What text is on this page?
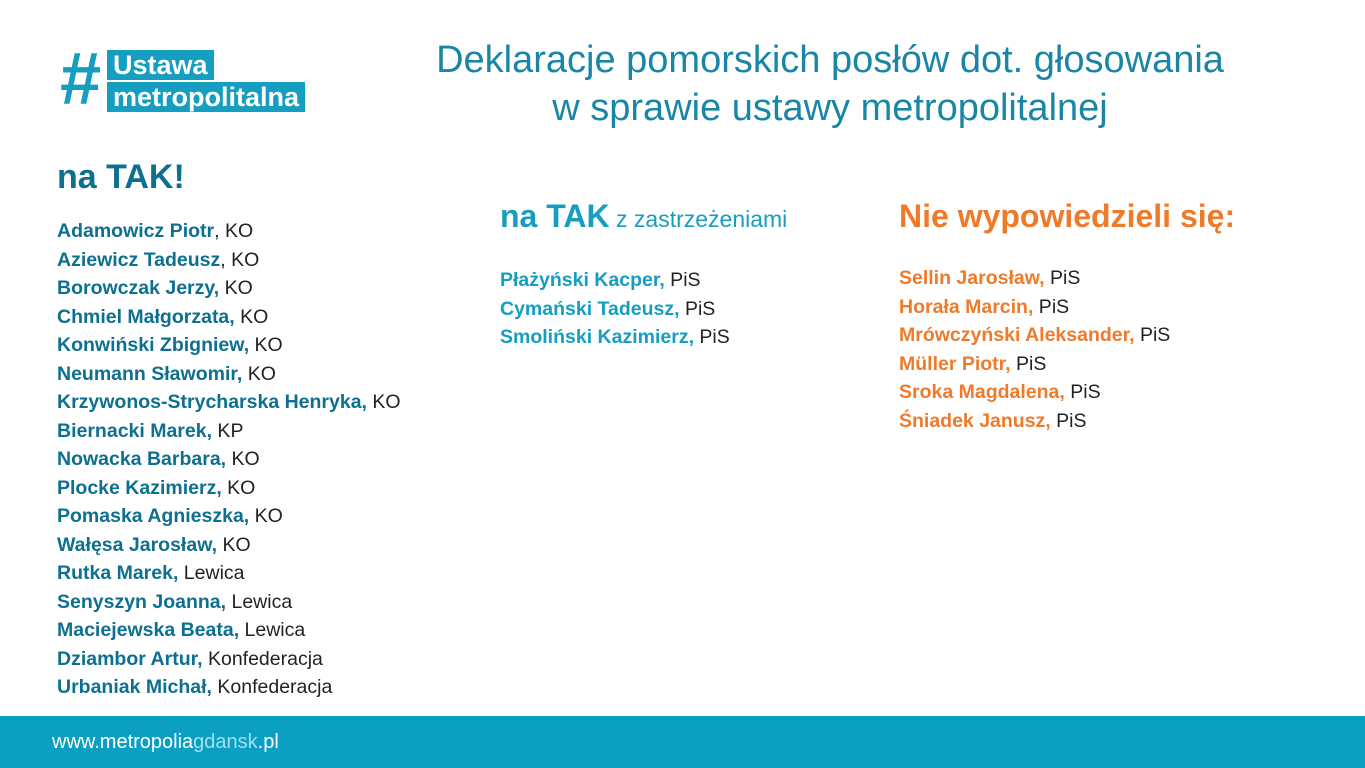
# Ustawa
metropolitalna
Deklaracje pomorskich posłów dot. głosowania
w sprawie ustawy metropolitalnej
na TAK!
Adamowicz Piotr, KO
Aziewicz Tadeusz, KO
Borowczak Jerzy, KO
Chmiel Małgorzata, KO
Konwiński Zbigniew, KO
Neumann Sławomir, KO
Krzywonos-Strycharska Henryka, KO
Biernacki Marek, KP
Nowacka Barbara, KO
Plocke Kazimierz, KO
Pomaska Agnieszka, KO
Wałęsa Jarosław, KO
Rutka Marek, Lewica
Senyszyn Joanna, Lewica
Maciejewska Beata, Lewica
Dziambor Artur, Konfederacja
Urbaniak Michał, Konfederacja
na TAK z zastrzeżeniami
Płażyński Kacper, PiS
Cymański Tadeusz, PiS
Smoliński Kazimierz, PiS
Nie wypowiedzieli się:
Sellin Jarosław, PiS
Horała Marcin, PiS
Mrówczyński Aleksander, PiS
Müller Piotr, PiS
Sroka Magdalena, PiS
Śniadek Janusz, PiS
www.metropoliagdansk.pl
